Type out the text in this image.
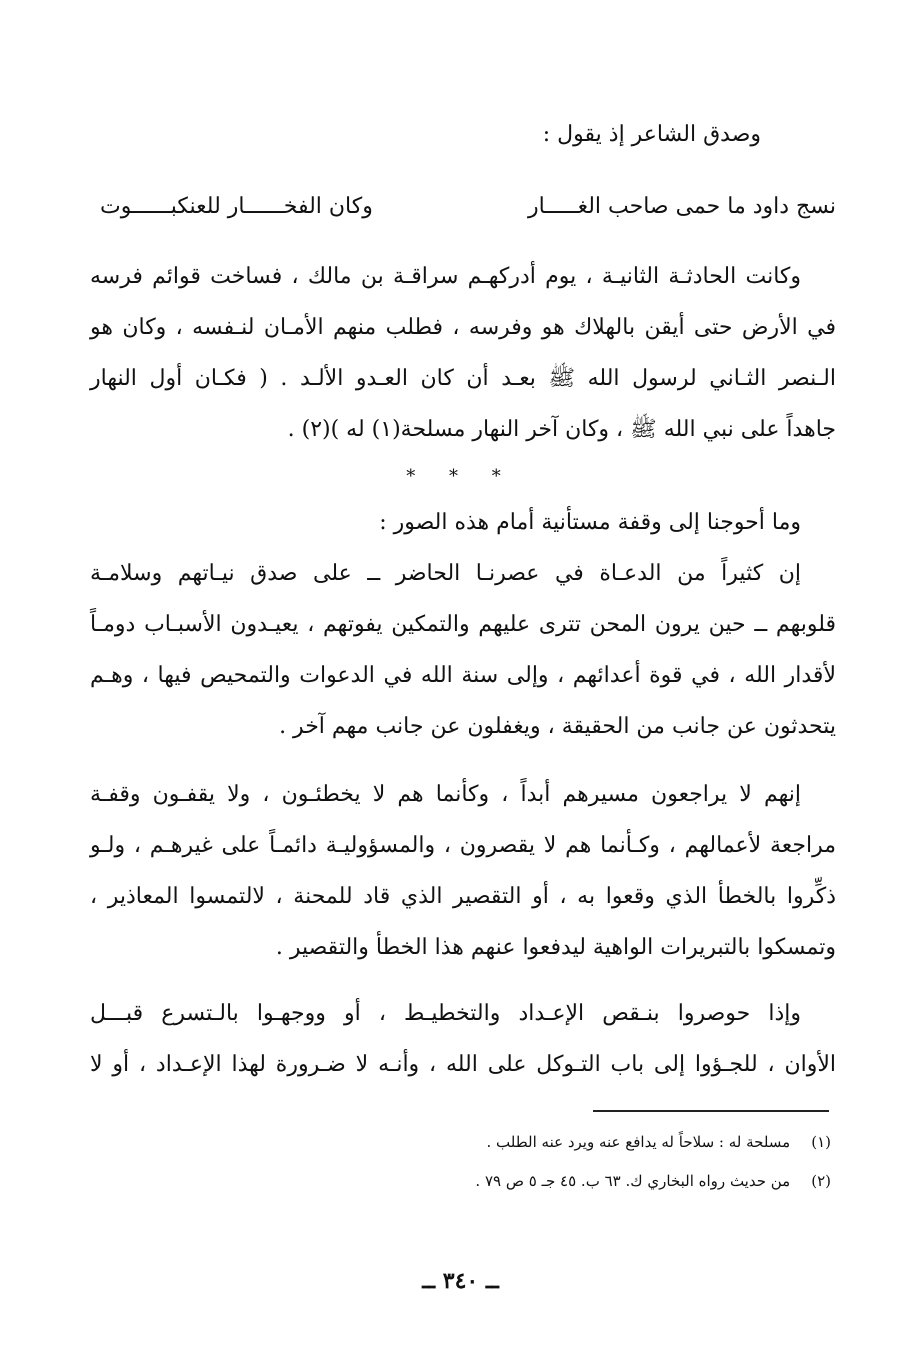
وصدق الشاعر إذ يقول :
نسج داود ما حمى صاحب الغـــــار
وكان الفخــــــار للعنكبــــــوت
وكانت الحادثـة الثانيـة ، يوم أدركهـم سراقـة بن مالك ، فساخت قوائم فرسه
في الأرض حتى أيقن بالهلاك هو وفرسه ، فطلب منهم الأمـان لنـفسه ، وكان هو
الـنصر الثـاني لرسول الله ﷺ بعـد أن كان العـدو الألـد . ( فكـان أول النهار
جاهداً على نبي الله ﷺ ، وكان آخر النهار مسلحة(١) له )(٢) .
* * *
وما أحوجنا إلى وقفة مستأنية أمام هذه الصور :
إن كثيراً من الدعـاة في عصرنـا الحاضر ــ على صدق نيـاتهم وسلامـة
قلوبهم ــ حين يرون المحن تترى عليهم والتمكين يفوتهم ، يعيـدون الأسبـاب دومـاً
لأقدار الله ، في قوة أعدائهم ، وإلى سنة الله في الدعوات والتمحيص فيها ، وهـم
يتحدثون عن جانب من الحقيقة ، ويغفلون عن جانب مهم آخر .
إنهم لا يراجعون مسيرهم أبداً ، وكأنما هم لا يخطئـون ، ولا يقفـون وقفـة
مراجعة لأعمالهم ، وكـأنما هم لا يقصرون ، والمسؤوليـة دائمـاً على غيرهـم ، ولـو
ذكِّروا بالخطأ الذي وقعوا به ، أو التقصير الذي قاد للمحنة ، لالتمسوا المعاذير ،
وتمسكوا بالتبريرات الواهية ليدفعوا عنهم هذا الخطأ والتقصير .
وإذا حوصروا بنـقص الإعـداد والتخطيـط ، أو ووجهـوا بالـتسرع قبـــل
الأوان ، للجـؤوا إلى باب التـوكل على الله ، وأنـه لا ضـرورة لهذا الإعـداد ، أو لا
(١) مسلحة له : سلاحاً له يدافع عنه ويرد عنه الطلب .
(٢) من حديث رواه البخاري ك. ٦٣ ب. ٤٥ جـ ٥ ص ٧٩ .
ــ ٣٤٠ ــ
